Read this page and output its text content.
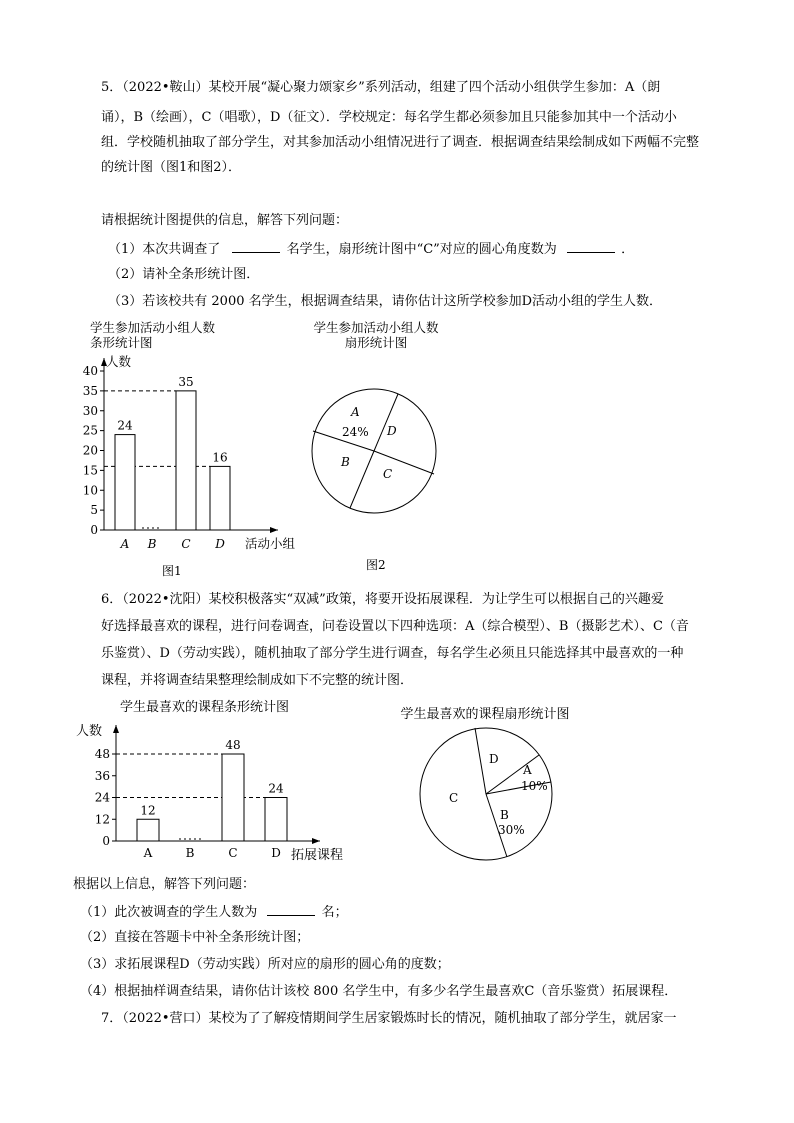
5．（2022•鞍山）某校开展“凝心聚力颂家乡”系列活动，组建了四个活动小组供学生参加：A（朗
诵），B（绘画），C（唱歌），D（征文）．学校规定：每名学生都必须参加且只能参加其中一个活动小
组．学校随机抽取了部分学生，对其参加活动小组情况进行了调查．根据调查结果绘制成如下两幅不完整
的统计图（图1和图2）．
请根据统计图提供的信息，解答下列问题：
（1）本次共调查了	名学生，扇形统计图中“C”对应的圆心角度数为	．
（2）请补全条形统计图．
（3）若该校共有 2000 名学生，根据调查结果，请你估计这所学校参加D活动小组的学生人数．
学生参加活动小组人数
条形统计图
人数
0
5
10
15
20
25
30
35
40
24
A B
35
C
16
D 活动小组
图1
学生参加活动小组人数
扇形统计图
A
24% D
B
C
图2
6．（2022•沈阳）某校积极落实“双减”政策，将要开设拓展课程．为让学生可以根据自己的兴趣爱
好选择最喜欢的课程，进行问卷调查，问卷设置以下四种选项：A（综合模型）、B（摄影艺术）、C（音
乐鉴赏）、D（劳动实践），随机抽取了部分学生进行调查，每名学生必须且只能选择其中最喜欢的一种
课程，并将调查结果整理绘制成如下不完整的统计图．
学生最喜欢的课程条形统计图
人数
0
12
24
36
48
12
A	B
48
C
24
D 拓展课程
学生最喜欢的课程扇形统计图
D
A
10%
C
B
30%
根据以上信息，解答下列问题：
（1）此次被调查的学生人数为	名；
（2）直接在答题卡中补全条形统计图；
（3）求拓展课程D（劳动实践）所对应的扇形的圆心角的度数；
（4）根据抽样调查结果，请你估计该校 800 名学生中，有多少名学生最喜欢C（音乐鉴赏）拓展课程．
7．（2022•营口）某校为了了解疫情期间学生居家锻炼时长的情况，随机抽取了部分学生，就居家一
